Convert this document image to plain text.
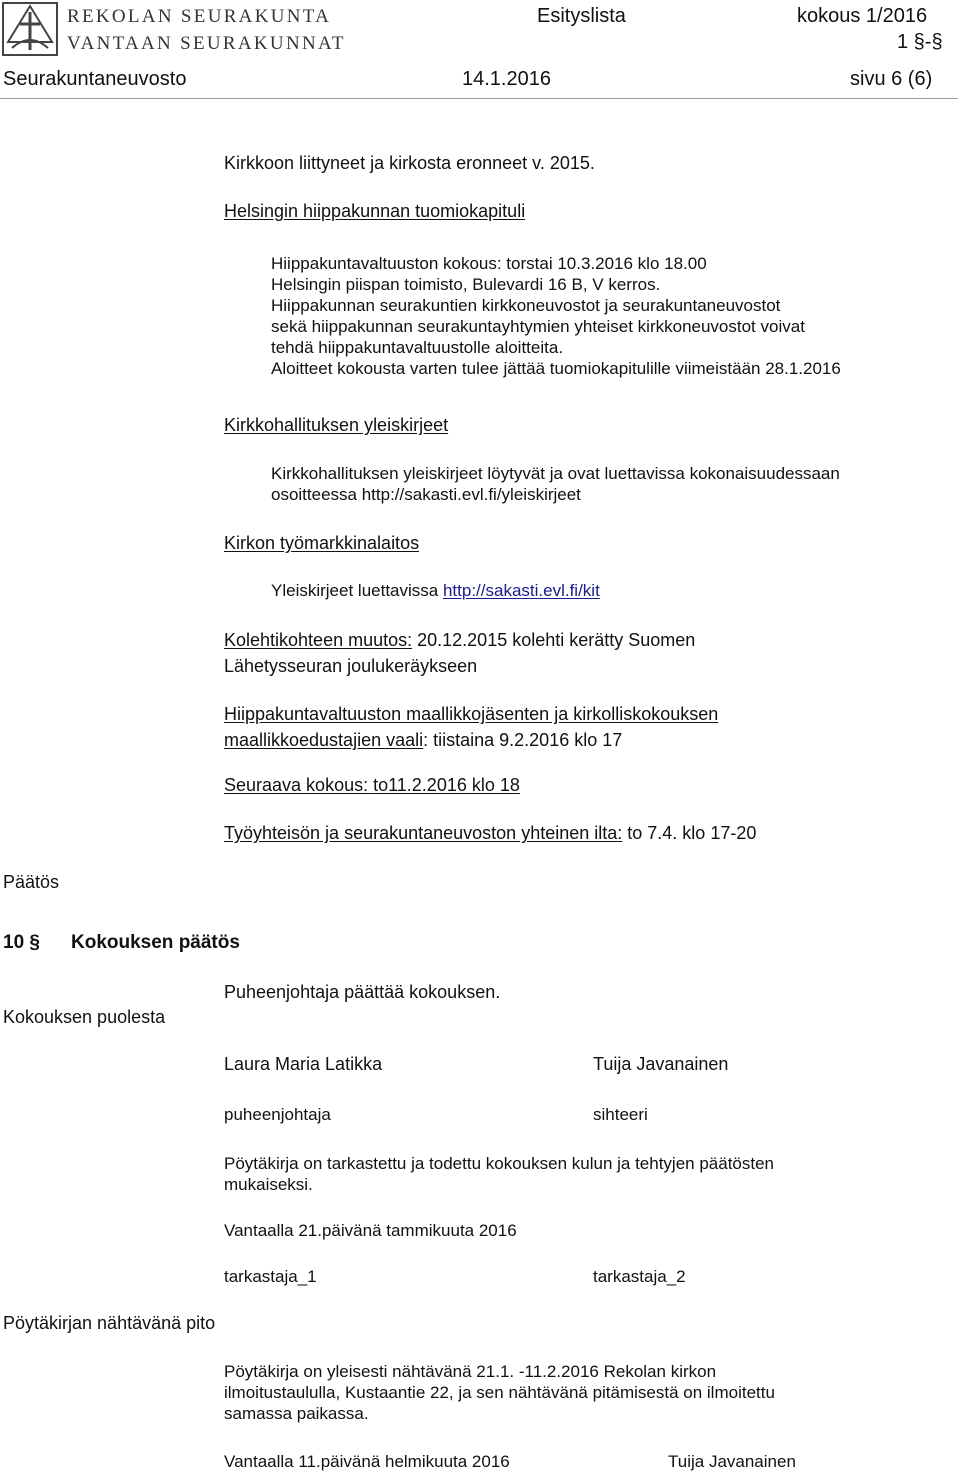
REKOLAN SEURAKUNTA
VANTAAN SEURAKUNNAT
Esityslista	kokous 1/2016
1 §-§
Seurakuntaneuvosto	14.1.2016	sivu 6 (6)
Kirkkoon liittyneet ja kirkosta eronneet v. 2015.
Helsingin hiippakunnan tuomiokapituli
Hiippakuntavaltuuston kokous: torstai 10.3.2016 klo 18.00
Helsingin piispan toimisto, Bulevardi 16 B, V kerros.
Hiippakunnan seurakuntien kirkkoneuvostot ja seurakuntaneuvostot
sekä hiippakunnan seurakuntayhtymien yhteiset kirkkoneuvostot voivat
tehdä hiippakuntavaltuustolle aloitteita.
Aloitteet kokousta varten tulee jättää tuomiokapitulille viimeistään 28.1.2016
Kirkkohallituksen yleiskirjeet
Kirkkohallituksen yleiskirjeet löytyvät ja ovat luettavissa kokonaisuudessaan
osoitteessa http://sakasti.evl.fi/yleiskirjeet
Kirkon työmarkkinalaitos
Yleiskirjeet luettavissa http://sakasti.evl.fi/kit
Kolehtikohteen muutos: 20.12.2015 kolehti kerätty Suomen
Lähetysseuran joulukeräykseen
Hiippakuntavaltuuston maallikkojäsenten ja kirkolliskokouksen
maallikkoedustajien vaali: tiistaina 9.2.2016 klo 17
Seuraava kokous: to11.2.2016 klo 18
Työyhteisön ja seurakuntaneuvoston yhteinen ilta: to 7.4. klo 17-20
Päätös
10 § Kokouksen päätös
Kokouksen puolesta
Puheenjohtaja päättää kokouksen.
Laura Maria Latikka	Tuija Javanainen
puheenjohtaja	sihteeri
Pöytäkirja on tarkastettu ja todettu kokouksen kulun ja tehtyjen päätösten
mukaiseksi.
Vantaalla 21.päivänä tammikuuta 2016
tarkastaja_1	tarkastaja_2
Pöytäkirjan nähtävänä pito
Pöytäkirja on yleisesti nähtävänä 21.1. -11.2.2016 Rekolan kirkon
ilmoitustaululla, Kustaantie 22, ja sen nähtävänä pitämisestä on ilmoitettu
samassa paikassa.
Vantaalla 11.päivänä helmikuuta 2016	Tuija Javanainen
